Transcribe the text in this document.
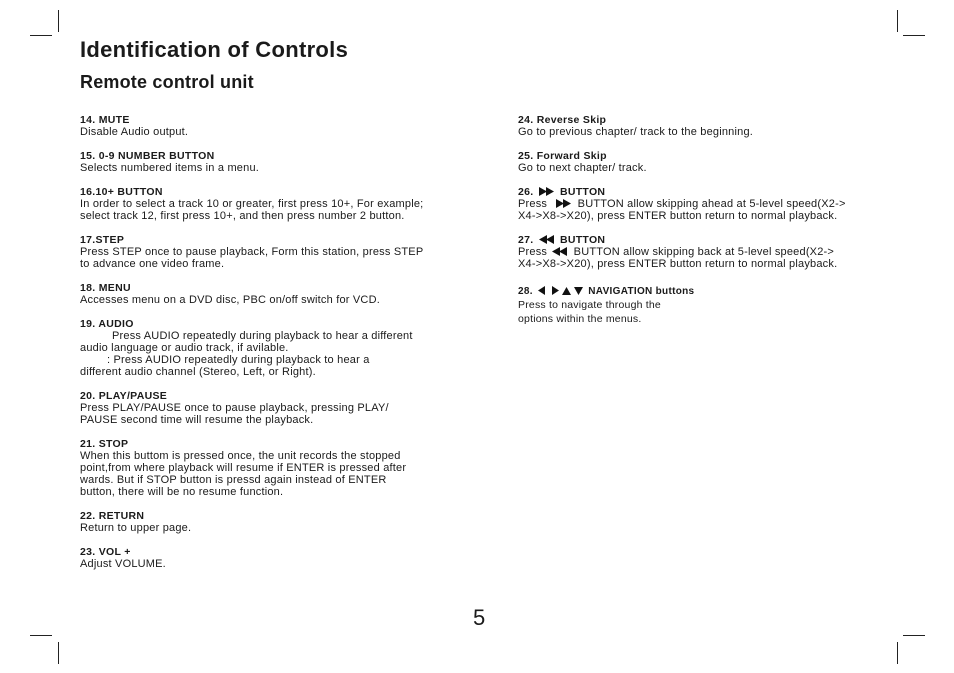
Identification of Controls
Remote control unit
14. MUTE
Disable Audio output.
15. 0-9 NUMBER BUTTON
Selects numbered items in a menu.
16.10+ BUTTON
In order to select a track 10 or greater, first press 10+, For example;
select track 12, first press 10+, and then press number 2 button.
17.STEP
Press STEP once to pause playback, Form this station, press STEP
to advance one video frame.
18. MENU
Accesses menu on a DVD disc, PBC on/off switch for VCD.
19. AUDIO
Press AUDIO repeatedly during playback to hear a different
audio language or audio track, if avilable.
: Press AUDIO repeatedly during playback to hear a
different audio channel (Stereo, Left, or Right).
20. PLAY/PAUSE
Press PLAY/PAUSE once to pause playback, pressing PLAY/
PAUSE second time will resume the playback.
21. STOP
When this buttom is pressed once, the unit records the stopped
point,from where playback will resume if ENTER is pressed after
wards. But if STOP button is pressd again instead of ENTER
button, there will be no resume function.
22. RETURN
Return to upper page.
23. VOL +
Adjust VOLUME.
24. Reverse Skip
Go to previous chapter/ track to the beginning.
25. Forward Skip
Go to next chapter/ track.
26.	BUTTON
Press	BUTTON allow skipping ahead at 5-level speed(X2->
X4->X8->X20), press ENTER button return to normal playback.
27.	BUTTON
Press BUTTON allow skipping back at 5-level speed(X2->
X4->X8->X20), press ENTER button return to normal playback.
28.	NAVIGATION buttons
Press to navigate through the
options within the menus.
5
